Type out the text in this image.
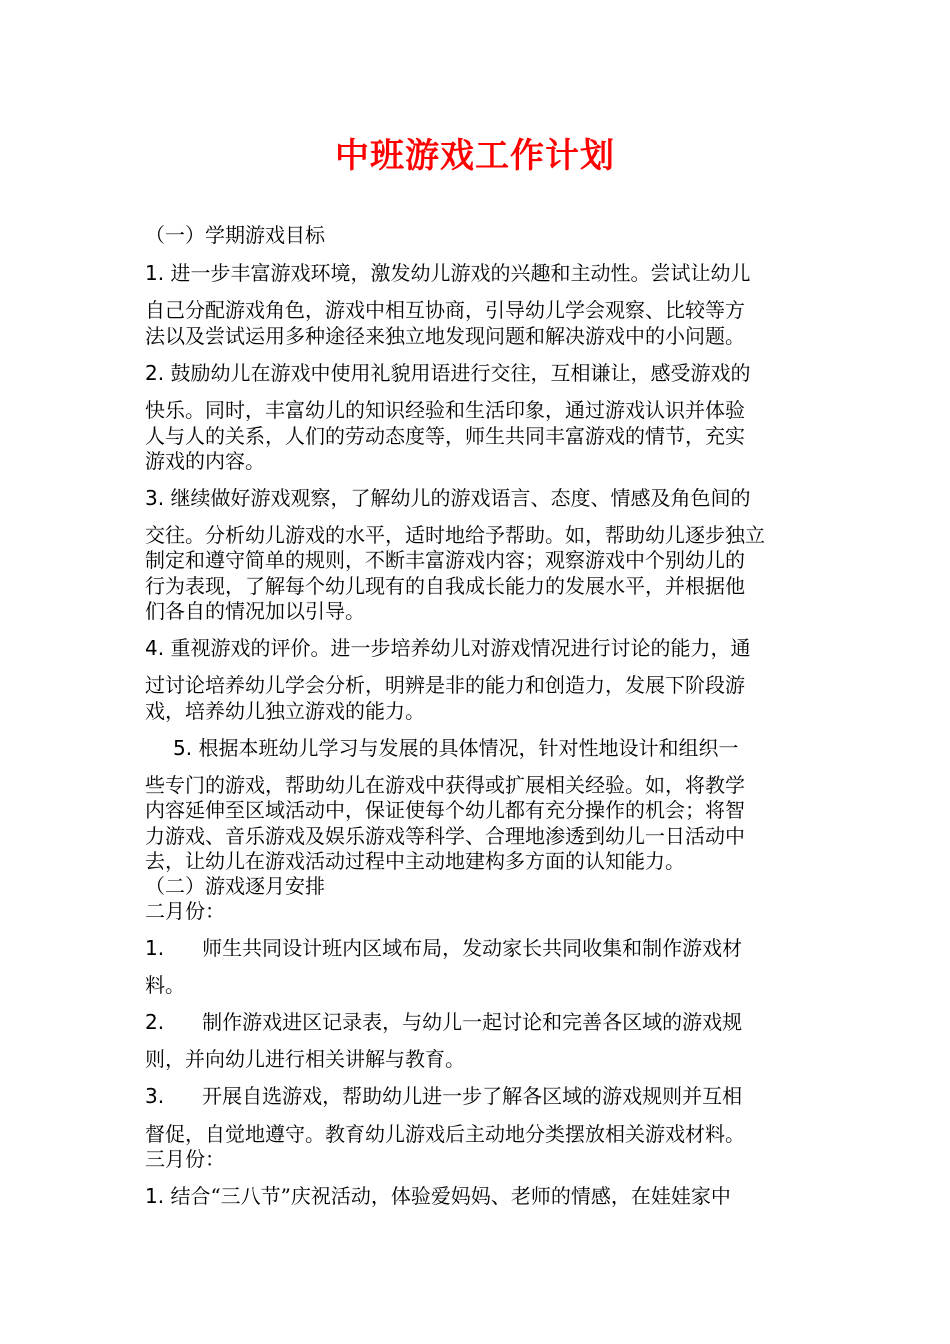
中班游戏工作计划
（一）学期游戏目标
1. 进一步丰富游戏环境，激发幼儿游戏的兴趣和主动性。尝试让幼儿
自己分配游戏角色，游戏中相互协商，引导幼儿学会观察、比较等方
法以及尝试运用多种途径来独立地发现问题和解决游戏中的小问题。
2. 鼓励幼儿在游戏中使用礼貌用语进行交往，互相谦让，感受游戏的
快乐。同时，丰富幼儿的知识经验和生活印象，通过游戏认识并体验
人与人的关系，人们的劳动态度等，师生共同丰富游戏的情节，充实
游戏的内容。
3. 继续做好游戏观察，了解幼儿的游戏语言、态度、情感及角色间的
交往。分析幼儿游戏的水平，适时地给予帮助。如，帮助幼儿逐步独立
制定和遵守简单的规则，不断丰富游戏内容；观察游戏中个别幼儿的
行为表现，了解每个幼儿现有的自我成长能力的发展水平，并根据他
们各自的情况加以引导。
4. 重视游戏的评价。进一步培养幼儿对游戏情况进行讨论的能力，通
过讨论培养幼儿学会分析，明辨是非的能力和创造力，发展下阶段游
戏，培养幼儿独立游戏的能力。
5. 根据本班幼儿学习与发展的具体情况，针对性地设计和组织一
些专门的游戏，帮助幼儿在游戏中获得或扩展相关经验。如，将教学
内容延伸至区域活动中，保证使每个幼儿都有充分操作的机会；将智
力游戏、音乐游戏及娱乐游戏等科学、合理地渗透到幼儿一日活动中
去，让幼儿在游戏活动过程中主动地建构多方面的认知能力。
（二）游戏逐月安排
二月份：
1. 师生共同设计班内区域布局，发动家长共同收集和制作游戏材
料。
2. 制作游戏进区记录表，与幼儿一起讨论和完善各区域的游戏规
则，并向幼儿进行相关讲解与教育。
3. 开展自选游戏，帮助幼儿进一步了解各区域的游戏规则并互相
督促，自觉地遵守。教育幼儿游戏后主动地分类摆放相关游戏材料。
三月份：
1. 结合“三八节”庆祝活动，体验爱妈妈、老师的情感，在娃娃家中
